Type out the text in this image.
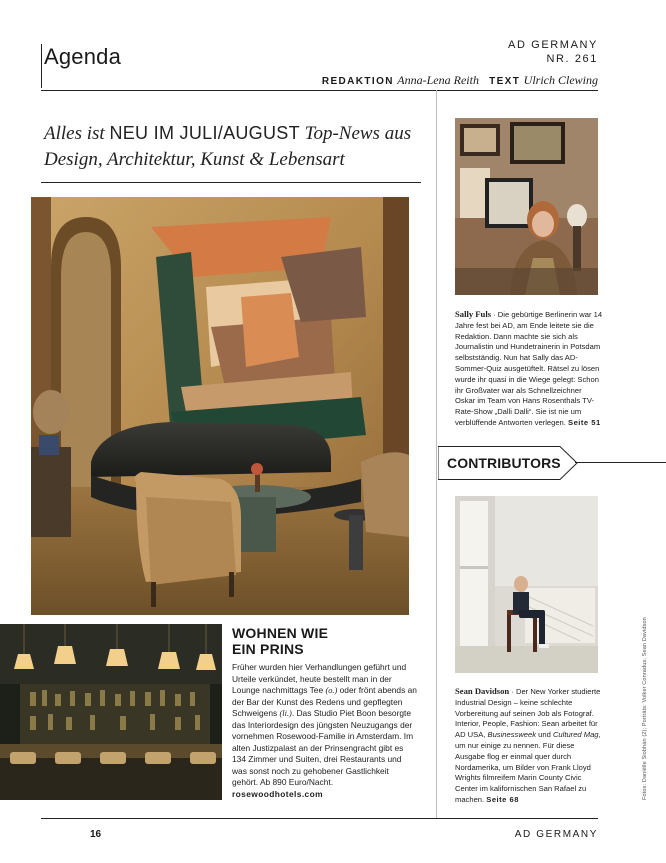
Agenda	AD GERMANY
NR. 261
REDAKTION Anna-Lena Reith TEXT Ulrich Clewing
Alles ist NEU IM JULI/AUGUST Top-News aus Design, Architektur, Kunst & Lebensart
WOHNEN WIE
EIN PRINS
Früher wurden hier Verhandlungen geführt und Urteile verkündet, heute bestellt man in der Lounge nachmittags Tee (o.) oder frönt abends an der Bar der Kunst des Redens und gepflegten Schweigens (li.). Das Studio Piet Boon besorgte das Interiordesign des jüngsten Neuzugangs der vornehmen Rosewood-Familie in Amsterdam. Im alten Justizpalast an der Prinsengracht gibt es 134 Zimmer und Suiten, drei Restaurants und was sonst noch zu gehobener Gastlichkeit gehört. Ab 890 Euro/Nacht. rosewoodhotels.com
Sally Fuls · Die gebürtige Berlinerin war 14 Jahre fest bei AD, am Ende leitete sie die Redaktion. Dann machte sie sich als Journalistin und Hundetrainerin in Potsdam selbstständig. Nun hat Sally das AD-Sommer-Quiz ausgetüftelt. Rätsel zu lösen wurde ihr quasi in die Wiege gelegt: Schon ihr Großvater war als Schnellzeichner Oskar im Team von Hans Rosenthals TV-Rate-Show „Dalli Dalli“. Sie ist nie um verblüffende Antworten verlegen. Seite 51
CONTRIBUTORS
Sean Davidson · Der New Yorker studierte Industrial Design – keine schlechte Vorbereitung auf seinen Job als Fotograf. Interior, People, Fashion: Sean arbeitet für AD USA, Businessweek und Cultured Mag, um nur einige zu nennen. Für diese Ausgabe flog er einmal quer durch Nordamerika, um Bilder von Frank Lloyd Wrights filmreifem Marin County Civic Center im kalifornischen San Rafael zu machen. Seite 68	Fotos: Daniëlle Siobhán (2); Porträts: Volker Conradus; Sean Davidson
16	AD GERMANY
